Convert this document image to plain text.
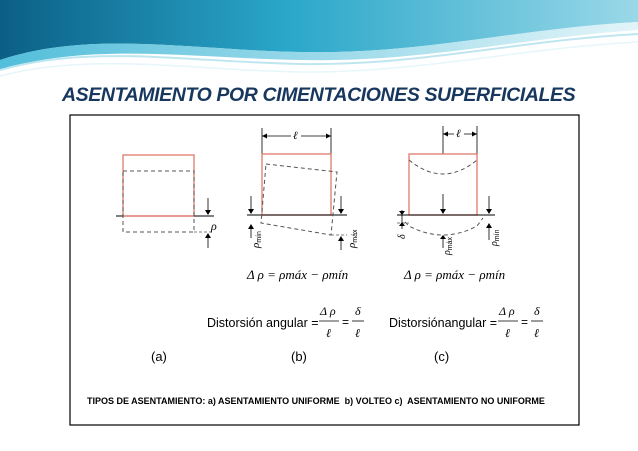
ASENTAMIENTO POR CIMENTACIONES SUPERFICIALES
ρ
ℓ
ρmín
ρmáx
ℓ
δ
$\rho_{máx}$	$\rho_{mín}$
Δ ρ = ρmáx − ρmín	Δ ρ = ρmáx − ρmín
Distorsión angular =
Δ ρ
ℓ
=
δ
ℓ
Distorsiónangular =
Δ ρ
ℓ
=
δ
ℓ
(a)	(b)	(c)
TIPOS DE ASENTAMIENTO: a) ASENTAMIENTO UNIFORME  b) VOLTEO c)  ASENTAMIENTO NO UNIFORME
